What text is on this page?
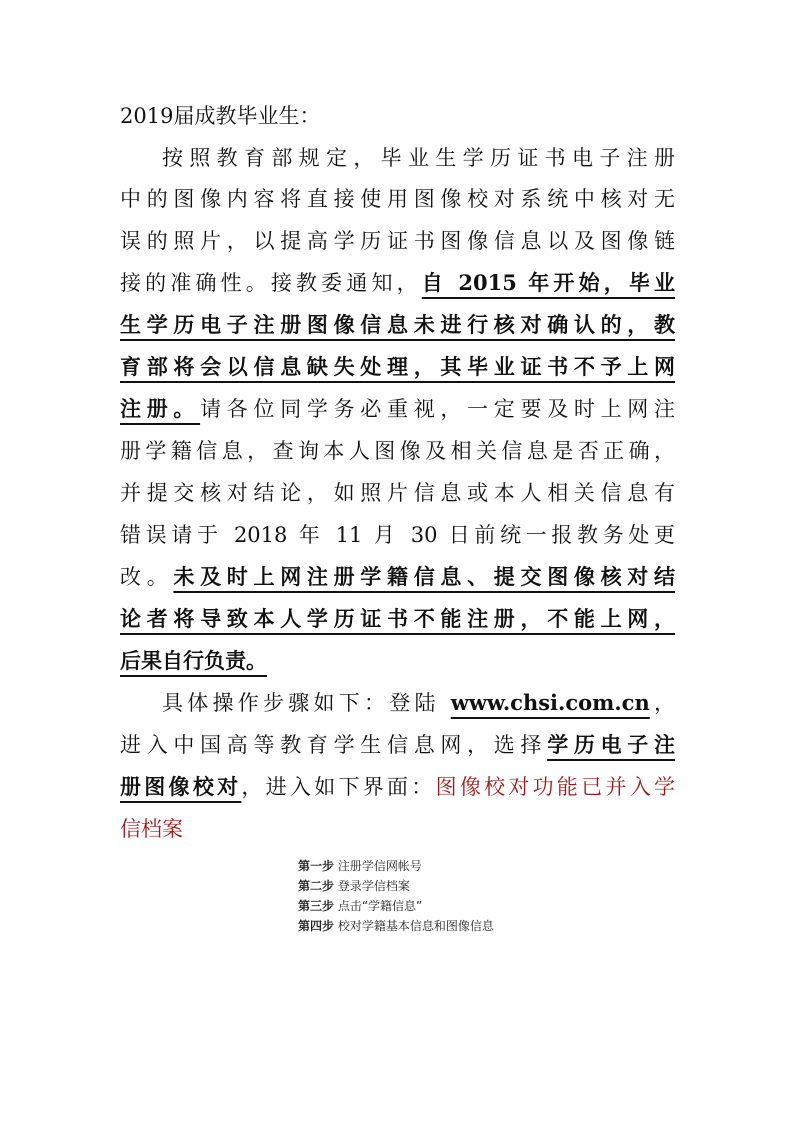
2019届成教毕业生：
按照教育部规定，毕业生学历证书电子注册
中的图像内容将直接使用图像校对系统中核对无
误的照片，以提高学历证书图像信息以及图像链
接的准确性。接教委通知，自 2015 年开始，毕业
生学历电子注册图像信息未进行核对确认的，教
育部将会以信息缺失处理，其毕业证书不予上网
注册。请各位同学务必重视，一定要及时上网注
册学籍信息，查询本人图像及相关信息是否正确，
并提交核对结论，如照片信息或本人相关信息有
错误请于 2018 年 11 月 30 日前统一报教务处更
改。未及时上网注册学籍信息、提交图像核对结
论者将导致本人学历证书不能注册，不能上网，
后果自行负责。
具体操作步骤如下：登陆 www.chsi.com.cn，
进入中国高等教育学生信息网，选择学历电子注
册图像校对，进入如下界面：图像校对功能已并入学
信档案
第一步 注册学信网帐号
第二步 登录学信档案
第三步 点击“学籍信息”
第四步 校对学籍基本信息和图像信息
